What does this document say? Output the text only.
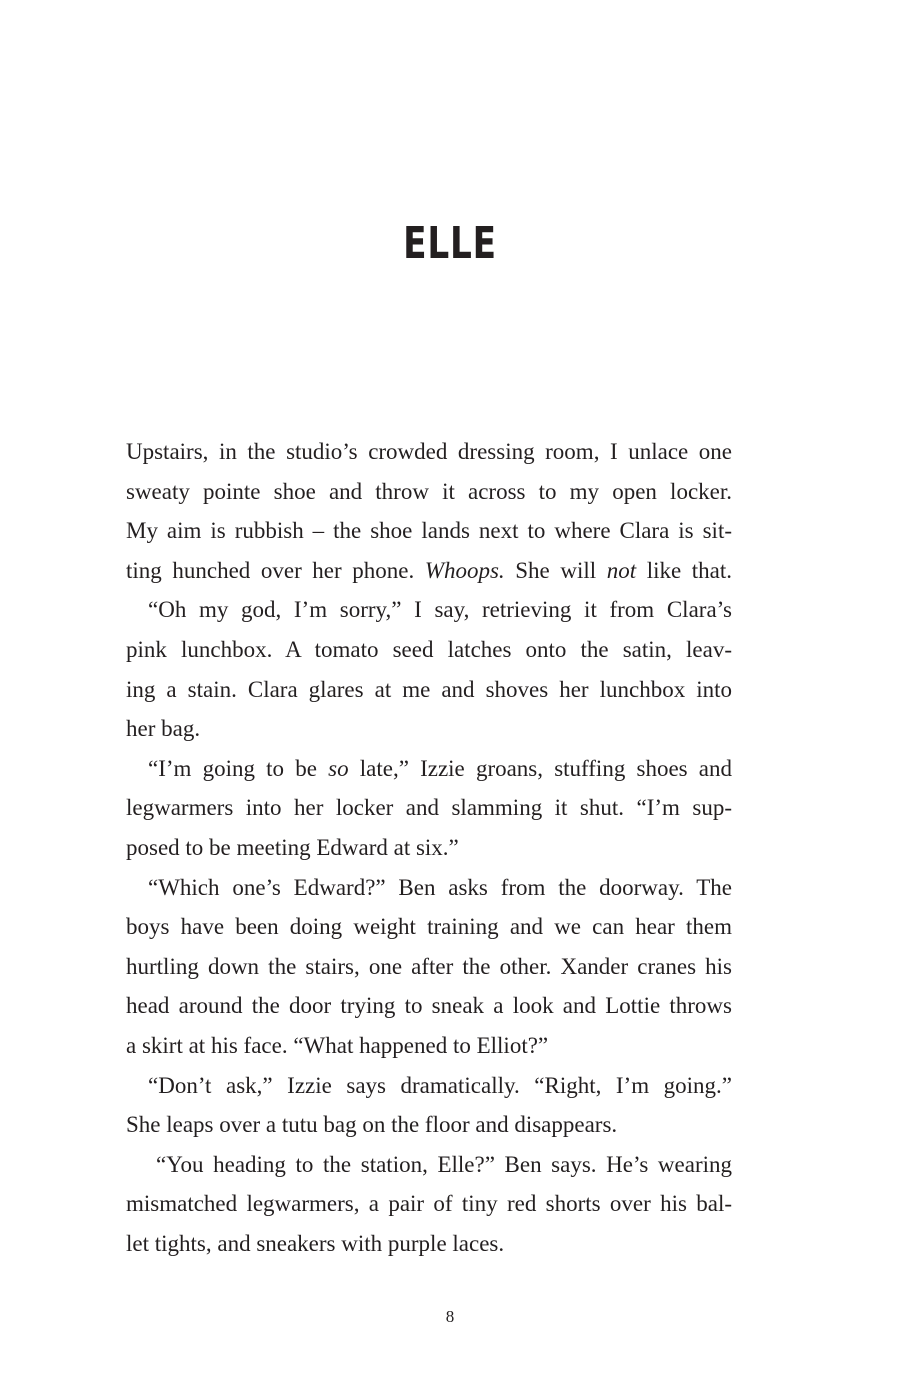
ELLE
Upstairs, in the studio’s crowded dressing room, I unlace one
sweaty pointe shoe and throw it across to my open locker.
My aim is rubbish – the shoe lands next to where Clara is sit-
ting hunched over her phone. Whoops. She will not like that.
“Oh my god, I’m sorry,” I say, retrieving it from Clara’s
pink lunchbox. A tomato seed latches onto the satin, leav-
ing a stain. Clara glares at me and shoves her lunchbox into
her bag.
“I’m going to be so late,” Izzie groans, stuffing shoes and
legwarmers into her locker and slamming it shut. “I’m sup-
posed to be meeting Edward at six.”
“Which one’s Edward?” Ben asks from the doorway. The
boys have been doing weight training and we can hear them
hurtling down the stairs, one after the other. Xander cranes his
head around the door trying to sneak a look and Lottie throws
a skirt at his face. “What happened to Elliot?”
“Don’t ask,” Izzie says dramatically. “Right, I’m going.”
She leaps over a tutu bag on the floor and disappears.
“You heading to the station, Elle?” Ben says. He’s wearing
mismatched legwarmers, a pair of tiny red shorts over his bal-
let tights, and sneakers with purple laces.
8
